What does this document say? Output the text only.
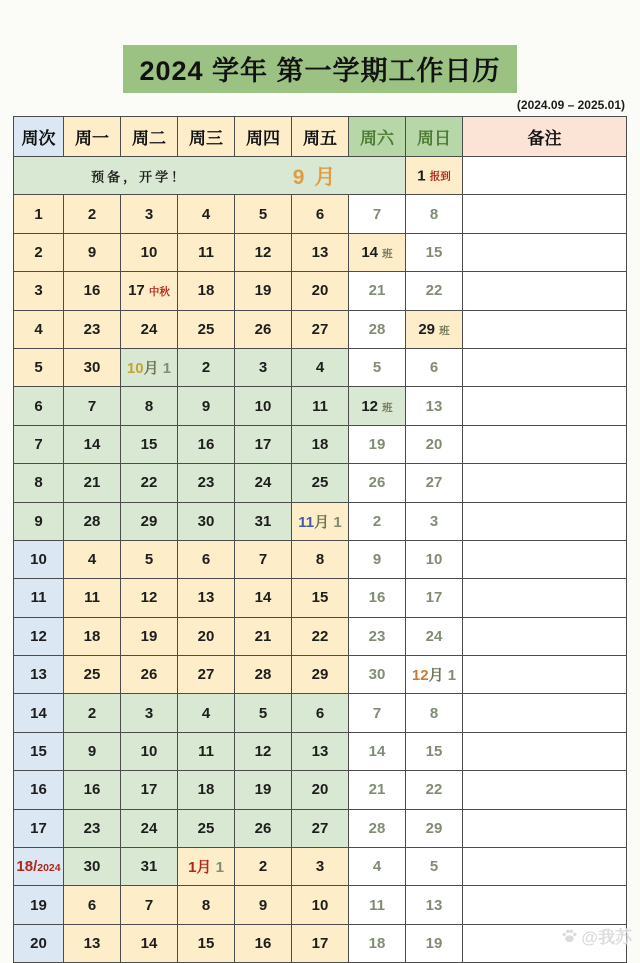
2024 学年 第一学期工作日历
(2024.09 – 2025.01)
周次	周一	周二	周三	周四	周五	周六	周日	备注

预备，开学！ 9 月							1 报到	
1	2	3	4	5	6	7	8	
2	9	10	11	12	13	14 班	15	
3	16	17 中秋	18	19	20	21	22	
4	23	24	25	26	27	28	29 班	
5	30	10月 1	2	3	4	5	6	
6	7	8	9	10	11	12 班	13	
7	14	15	16	17	18	19	20	
8	21	22	23	24	25	26	27	
9	28	29	30	31	11月 1	2	3	
10	4	5	6	7	8	9	10	
11	11	12	13	14	15	16	17	
12	18	19	20	21	22	23	24	
13	25	26	27	28	29	30	12月 1	
14	2	3	4	5	6	7	8	
15	9	10	11	12	13	14	15	
16	16	17	18	19	20	21	22	
17	23	24	25	26	27	28	29	
18/2024	30	31	1月 1	2	3	4	5	
19	6	7	8	9	10	11	13	
20	13	14	15	16	17	18	19		@我苏
